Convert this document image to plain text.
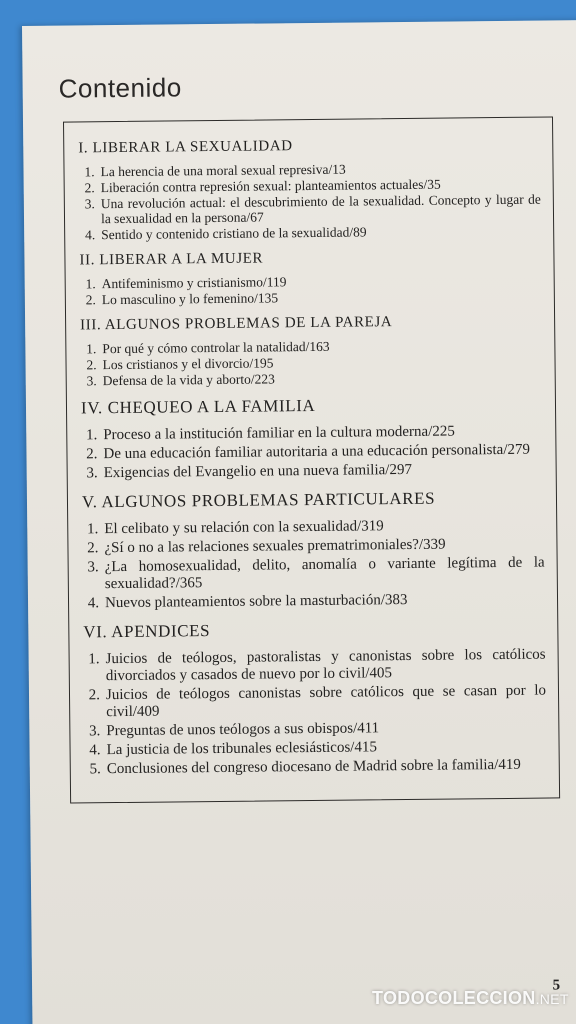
Contenido
I. LIBERAR LA SEXUALIDAD
1. La herencia de una moral sexual represiva/13
2. Liberación contra represión sexual: planteamientos actuales/35
3. Una revolución actual: el descubrimiento de la sexualidad. Concepto y lugar de la sexualidad en la persona/67
4. Sentido y contenido cristiano de la sexualidad/89
II. LIBERAR A LA MUJER
1. Antifeminismo y cristianismo/119
2. Lo masculino y lo femenino/135
III. ALGUNOS PROBLEMAS DE LA PAREJA
1. Por qué y cómo controlar la natalidad/163
2. Los cristianos y el divorcio/195
3. Defensa de la vida y aborto/223
IV. CHEQUEO A LA FAMILIA
1. Proceso a la institución familiar en la cultura moderna/225
2. De una educación familiar autoritaria a una educación personalista/279
3. Exigencias del Evangelio en una nueva familia/297
V. ALGUNOS PROBLEMAS PARTICULARES
1. El celibato y su relación con la sexualidad/319
2. ¿Sí o no a las relaciones sexuales prematrimoniales?/339
3. ¿La homosexualidad, delito, anomalía o variante legítima de la sexualidad?/365
4. Nuevos planteamientos sobre la masturbación/383
VI. APENDICES
1. Juicios de teólogos, pastoralistas y canonistas sobre los católicos divorciados y casados de nuevo por lo civil/405
2. Juicios de teólogos canonistas sobre católicos que se casan por lo civil/409
3. Preguntas de unos teólogos a sus obispos/411
4. La justicia de los tribunales eclesiásticos/415
5. Conclusiones del congreso diocesano de Madrid sobre la familia/419
5
TODOCOLECCION.NET
